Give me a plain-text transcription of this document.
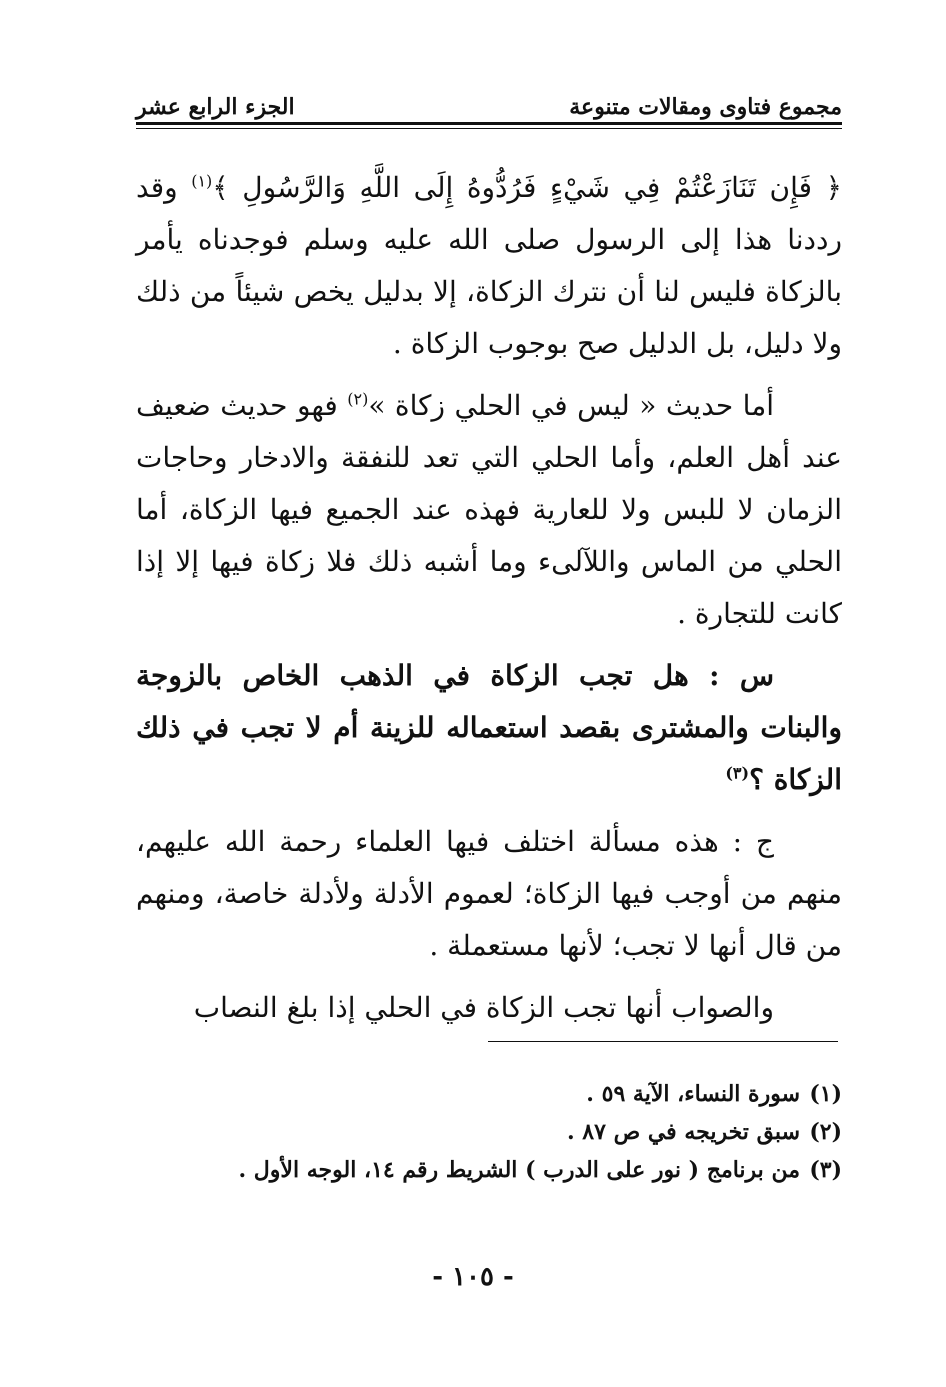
مجموع فتاوى ومقالات متنوعة
الجزء الرابع عشر

﴿ فَإِن تَنَازَعْتُمْ فِي شَيْءٍ فَرُدُّوهُ إِلَى اللَّهِ وَالرَّسُولِ ﴾$^{(١)}$ وقد رددنا هذا إلى الرسول صلى الله عليه وسلم فوجدناه يأمر بالزكاة فليس لنا أن نترك الزكاة، إلا بدليل يخص شيئاً من ذلك ولا دليل، بل الدليل صح بوجوب الزكاة .

أما حديث « ليس في الحلي زكاة »$^{(٢)}$ فهو حديث ضعيف عند أهل العلم، وأما الحلي التي تعد للنفقة والادخار وحاجات الزمان لا للبس ولا للعارية فهذه عند الجميع فيها الزكاة، أما الحلي من الماس واللآلىء وما أشبه ذلك فلا زكاة فيها إلا إذا كانت للتجارة .

س : هل تجب الزكاة في الذهب الخاص بالزوجة والبنات والمشترى بقصد استعماله للزينة أم لا تجب في ذلك الزكاة ؟$^{(٣)}$

ج : هذه مسألة اختلف فيها العلماء رحمة الله عليهم، منهم من أوجب فيها الزكاة؛ لعموم الأدلة ولأدلة خاصة، ومنهم من قال أنها لا تجب؛ لأنها مستعملة .

والصواب أنها تجب الزكاة في الحلي إذا بلغ النصاب

(١)سورة النساء، الآية ٥٩ .
(٢)سبق تخريجه في ص ٨٧ .
(٣)من برنامج ( نور على الدرب ) الشريط رقم ١٤، الوجه الأول .
- ١٠٥ -
